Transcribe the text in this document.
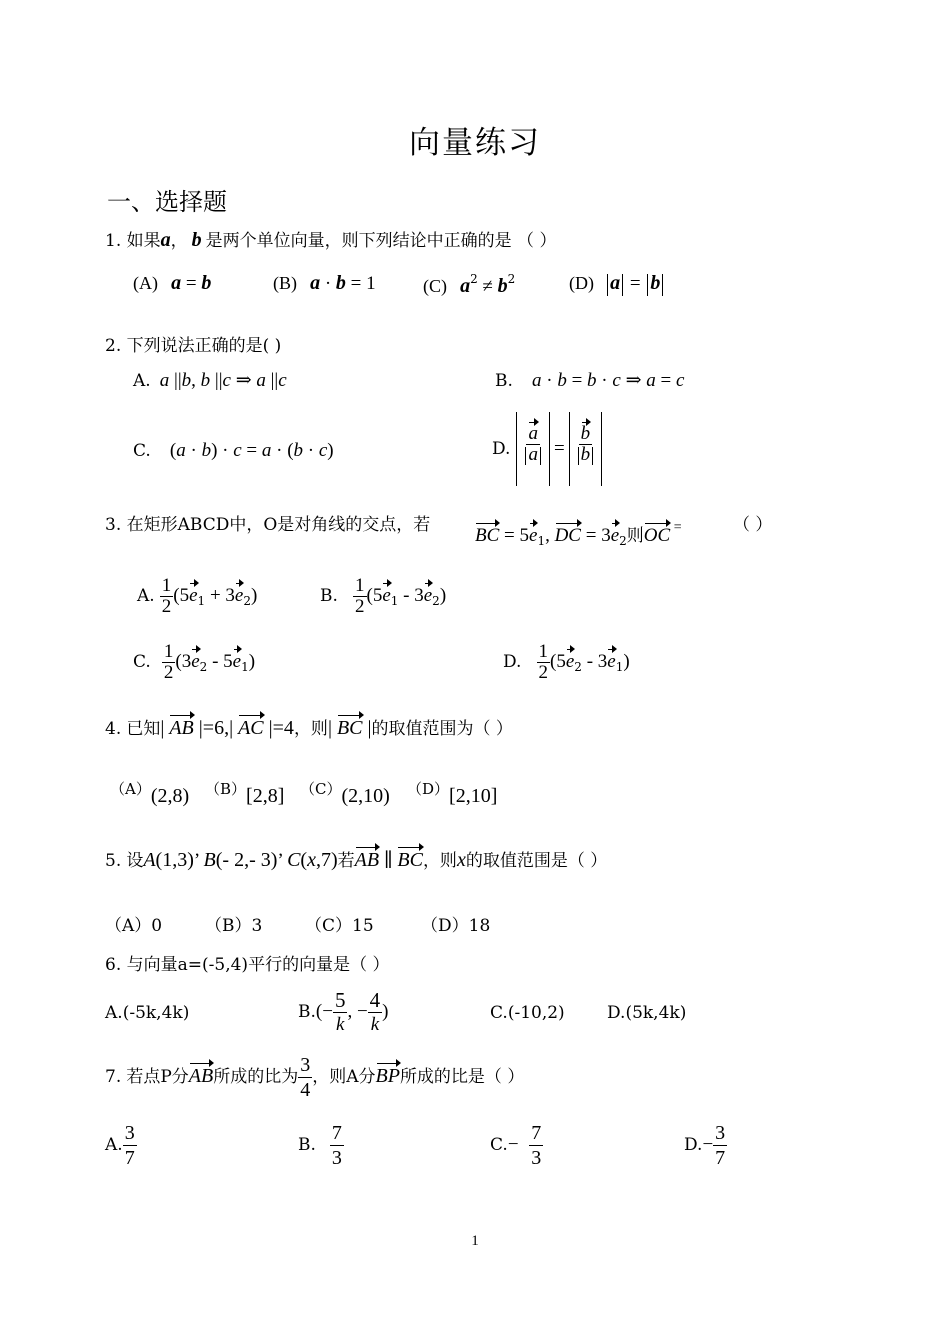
向量练习
一、选择题
1. 如果a， b 是两个单位向量，则下列结论中正确的是 （ ）
(A) a = b	(B) a · b = 1	(C) $a^2 \ne b^2$	(D) a = b
2. 下列说法正确的是( )
A. a ||b, b ||c ⇒ a ||c	B. a · b = b · c ⇒ a = c
C. (a · b) · c = a · (b · c)	D. $\frac{a}{a} = \frac{b}{b}$
3. 在矩形ABCD中，O是对角线的交点，若 BC = $5e_1$, DC = $3e_2$则OC =	（ ）
A. $\frac{1}{2} (5e_1 + 3e_2)$	B. $\frac{1}{2} (5e_1 - 3e_2)$
C. $\frac{1}{2} (3e_2 - 5e_1)$	D. $\frac{1}{2} (5e_2 - 3e_1)$
4. 已知| AB |=6,| AC |=4，则| BC |的取值范围为（ ）
（A）(2,8) （B）[2,8] （C）(2,10) （D）[2,10]
5. 设A(1,3)’ B(- 2,- 3)’ C(x,7)若AB ∥ BC，则x的取值范围是（ ）
（A）0	（B）3	（C）15	（D）18
6. 与向量a=(-5,4)平行的向量是（ ）
A.(-5k,4k)	$B.(- \frac{5}{k}$ , − $\frac{4}{k}$ )	C.(-10,2) D.(5k,4k)
7. 若点P分AB所成的比为 $\frac{3}{4}$ ，则A分BP所成的比是（ ）
A. $\frac{3}{7}$	B. $\frac{7}{3}$	$C.- \frac{7}{3}$	$D.- \frac{3}{7}$
1
